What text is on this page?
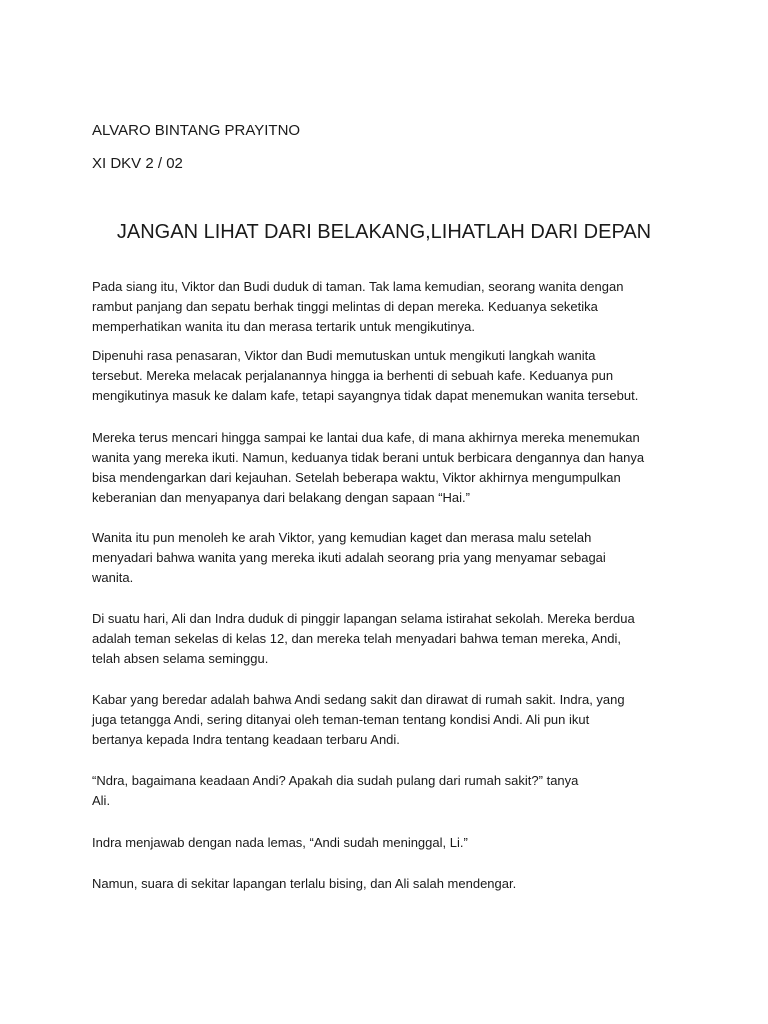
ALVARO BINTANG PRAYITNO

XI DKV 2 / 02

JANGAN LIHAT DARI BELAKANG,LIHATLAH DARI DEPAN

Pada siang itu, Viktor dan Budi duduk di taman. Tak lama kemudian, seorang wanita dengan
rambut panjang dan sepatu berhak tinggi melintas di depan mereka. Keduanya seketika
memperhatikan wanita itu dan merasa tertarik untuk mengikutinya.

Dipenuhi rasa penasaran, Viktor dan Budi memutuskan untuk mengikuti langkah wanita
tersebut. Mereka melacak perjalanannya hingga ia berhenti di sebuah kafe. Keduanya pun
mengikutinya masuk ke dalam kafe, tetapi sayangnya tidak dapat menemukan wanita tersebut.

Mereka terus mencari hingga sampai ke lantai dua kafe, di mana akhirnya mereka menemukan
wanita yang mereka ikuti. Namun, keduanya tidak berani untuk berbicara dengannya dan hanya
bisa mendengarkan dari kejauhan. Setelah beberapa waktu, Viktor akhirnya mengumpulkan
keberanian dan menyapanya dari belakang dengan sapaan “Hai.”

Wanita itu pun menoleh ke arah Viktor, yang kemudian kaget dan merasa malu setelah
menyadari bahwa wanita yang mereka ikuti adalah seorang pria yang menyamar sebagai
wanita.

Di suatu hari, Ali dan Indra duduk di pinggir lapangan selama istirahat sekolah. Mereka berdua
adalah teman sekelas di kelas 12, dan mereka telah menyadari bahwa teman mereka, Andi,
telah absen selama seminggu.

Kabar yang beredar adalah bahwa Andi sedang sakit dan dirawat di rumah sakit. Indra, yang
juga tetangga Andi, sering ditanyai oleh teman-teman tentang kondisi Andi. Ali pun ikut
bertanya kepada Indra tentang keadaan terbaru Andi.

“Ndra, bagaimana keadaan Andi? Apakah dia sudah pulang dari rumah sakit?” tanya
Ali.

Indra menjawab dengan nada lemas, “Andi sudah meninggal, Li.”

Namun, suara di sekitar lapangan terlalu bising, dan Ali salah mendengar.
